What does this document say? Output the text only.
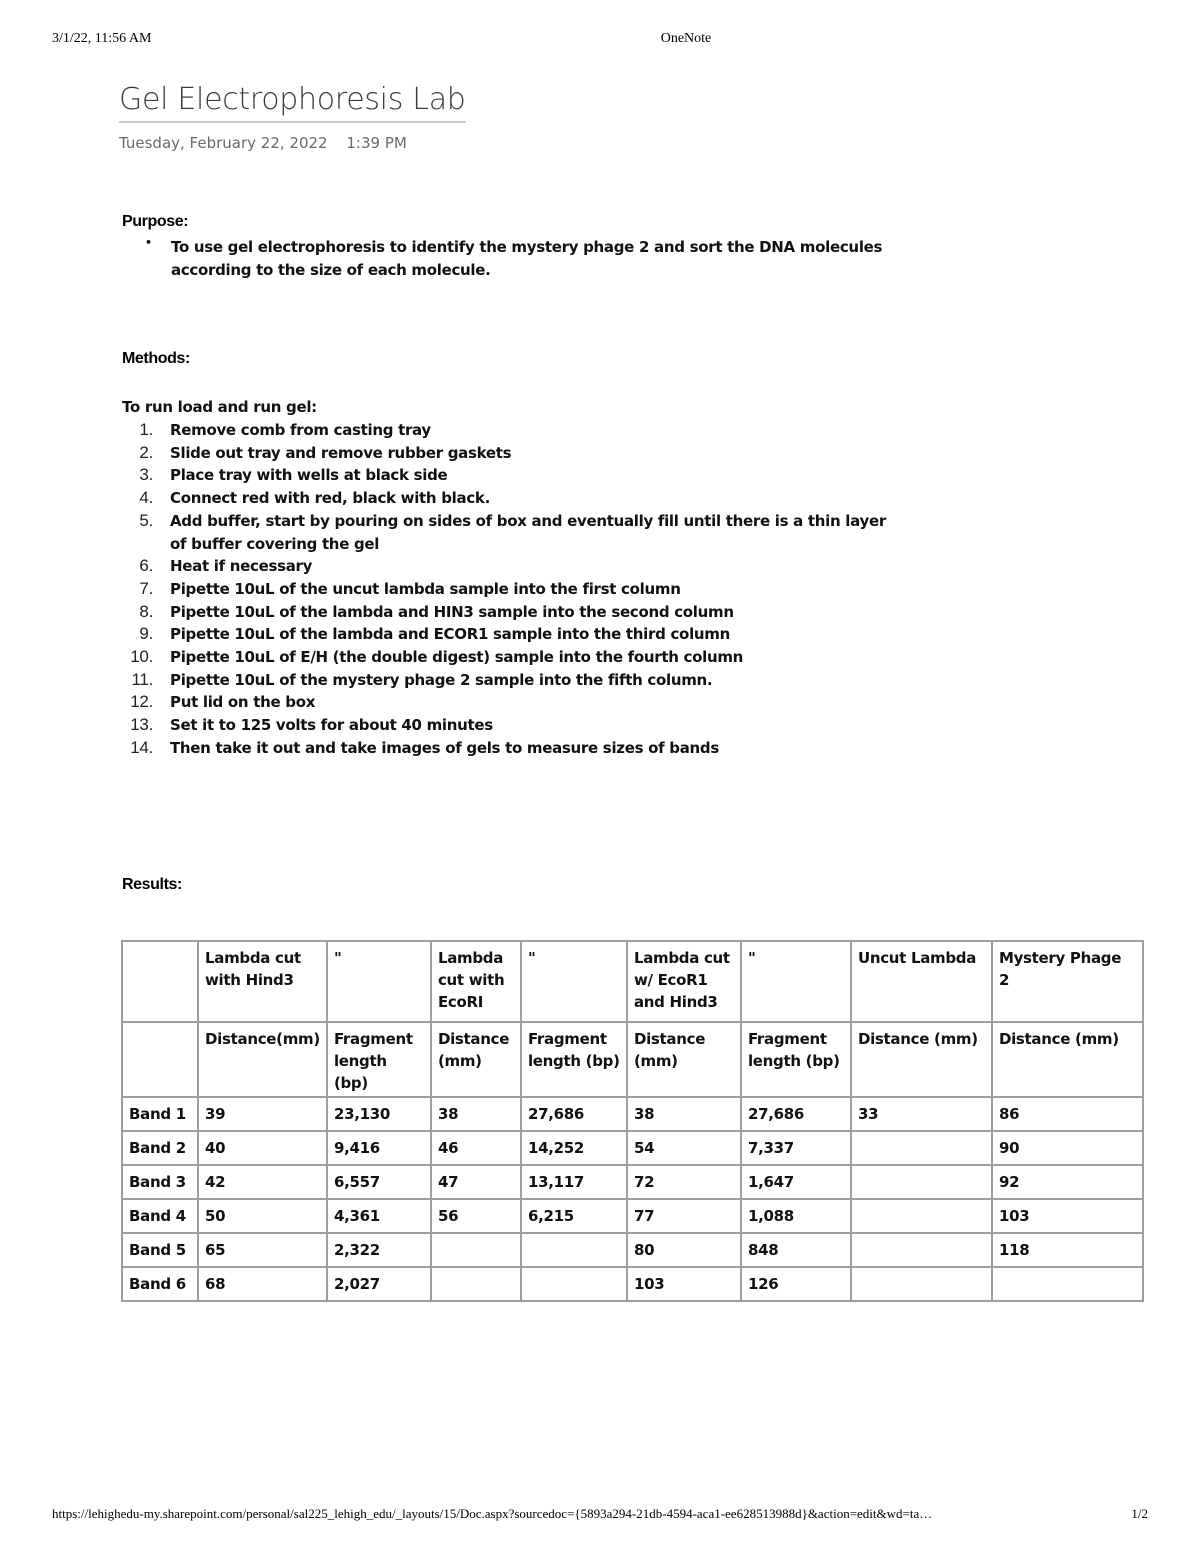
3/1/22, 11:56 AM	OneNote
Gel Electrophoresis Lab
Tuesday, February 22, 2022 1:39 PM
Purpose:
• To use gel electrophoresis to identify the mystery phage 2 and sort the DNA molecules according to the size of each molecule.
Methods:
To run load and run gel:
1. Remove comb from casting tray
2. Slide out tray and remove rubber gaskets
3. Place tray with wells at black side
4. Connect red with red, black with black.
5. Add buffer, start by pouring on sides of box and eventually fill until there is a thin layer of buffer covering the gel
6. Heat if necessary
7. Pipette 10uL of the uncut lambda sample into the first column
8. Pipette 10uL of the lambda and HIN3 sample into the second column
9. Pipette 10uL of the lambda and ECOR1 sample into the third column
10. Pipette 10uL of E/H (the double digest) sample into the fourth column
11. Pipette 10uL of the mystery phage 2 sample into the fifth column.
12. Put lid on the box
13. Set it to 125 volts for about 40 minutes
14. Then take it out and take images of gels to measure sizes of bands
Results:
	Lambda cut with Hind3	"	Lambda cut with EcoRI	"	Lambda cut w/ EcoR1 and Hind3	"	Uncut Lambda	Mystery Phage 2
	Distance(mm)	Fragment length (bp)	Distance (mm)	Fragment length (bp)	Distance (mm)	Fragment length (bp)	Distance (mm)	Distance (mm)
Band 1	39	23,130	38	27,686	38	27,686	33	86
Band 2	40	9,416	46	14,252	54	7,337		90
Band 3	42	6,557	47	13,117	72	1,647		92
Band 4	50	4,361	56	6,215	77	1,088		103
Band 5	65	2,322			80	848		118
Band 6	68	2,027			103	126		
https://lehighedu-my.sharepoint.com/personal/sal225_lehigh_edu/_layouts/15/Doc.aspx?sourcedoc={5893a294-21db-4594-aca1-ee628513988d}&action=edit&wd=ta…	1/2
